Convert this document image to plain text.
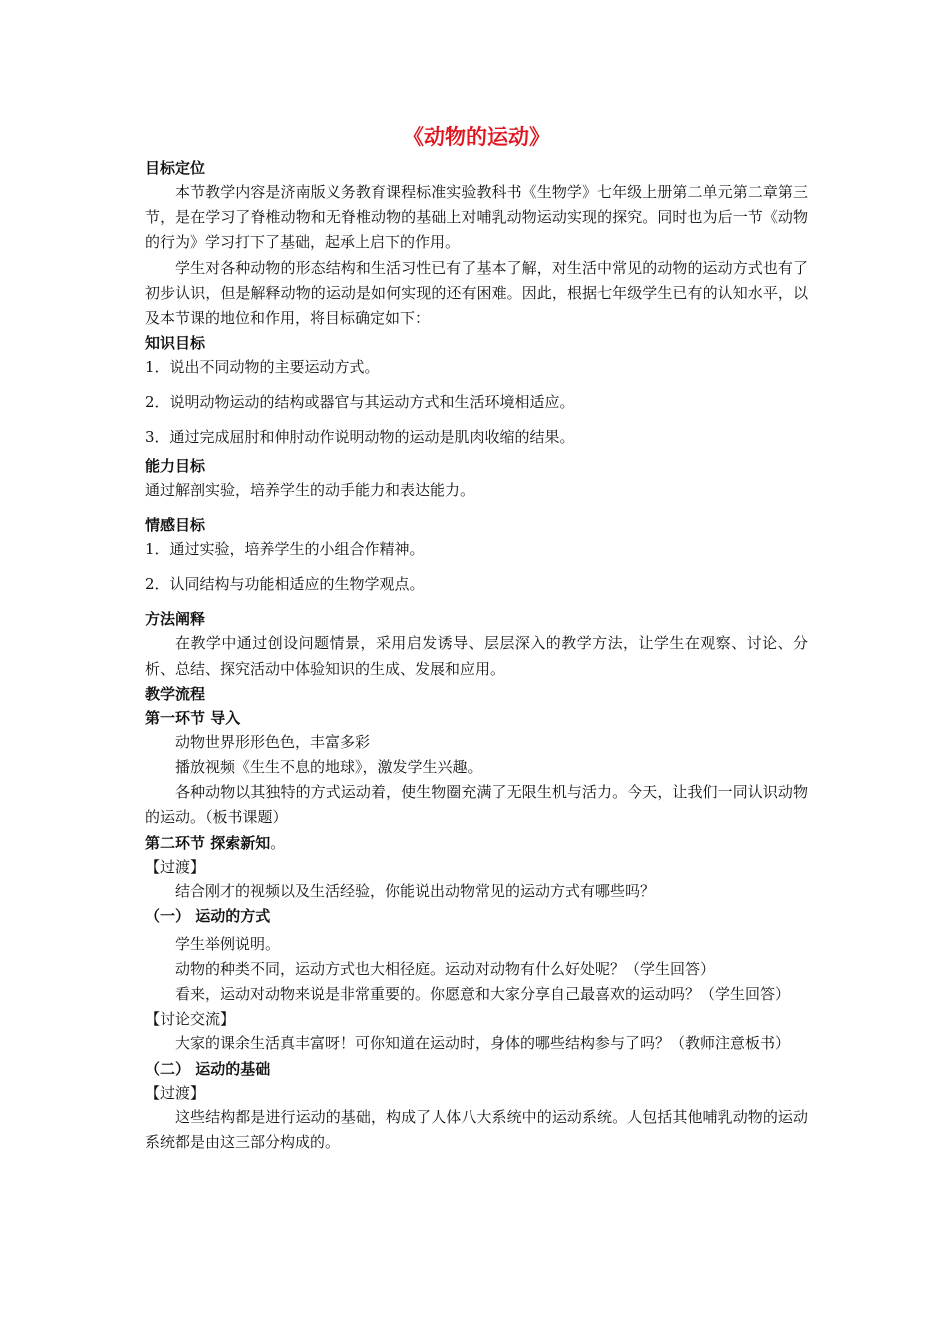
《动物的运动》
目标定位

本节教学内容是济南版义务教育课程标准实验教科书《生物学》七年级上册第二单元第二章第三节，是在学习了脊椎动物和无脊椎动物的基础上对哺乳动物运动实现的探究。同时也为后一节《动物的行为》学习打下了基础，起承上启下的作用。

学生对各种动物的形态结构和生活习性已有了基本了解，对生活中常见的动物的运动方式也有了初步认识，但是解释动物的运动是如何实现的还有困难。因此，根据七年级学生已有的认知水平，以及本节课的地位和作用，将目标确定如下：

知识目标

1．说出不同动物的主要运动方式。

2．说明动物运动的结构或器官与其运动方式和生活环境相适应。

3．通过完成屈肘和伸肘动作说明动物的运动是肌肉收缩的结果。

能力目标

通过解剖实验，培养学生的动手能力和表达能力。

情感目标

1．通过实验，培养学生的小组合作精神。

2．认同结构与功能相适应的生物学观点。

方法阐释

在教学中通过创设问题情景，采用启发诱导、层层深入的教学方法，让学生在观察、讨论、分析、总结、探究活动中体验知识的生成、发展和应用。

教学流程
第一环节 导入

动物世界形形色色，丰富多彩

播放视频《生生不息的地球》，激发学生兴趣。

各种动物以其独特的方式运动着，使生物圈充满了无限生机与活力。今天，让我们一同认识动物的运动。（板书课题）

第二环节 探索新知。
【过渡】

结合刚才的视频以及生活经验，你能说出动物常见的运动方式有哪些吗？

（一） 运动的方式

学生举例说明。

动物的种类不同，运动方式也大相径庭。运动对动物有什么好处呢？（学生回答）

看来，运动对动物来说是非常重要的。你愿意和大家分享自己最喜欢的运动吗？（学生回答）

【讨论交流】

大家的课余生活真丰富呀！可你知道在运动时，身体的哪些结构参与了吗？（教师注意板书）

（二） 运动的基础
【过渡】

这些结构都是进行运动的基础，构成了人体八大系统中的运动系统。人包括其他哺乳动物的运动系统都是由这三部分构成的。
